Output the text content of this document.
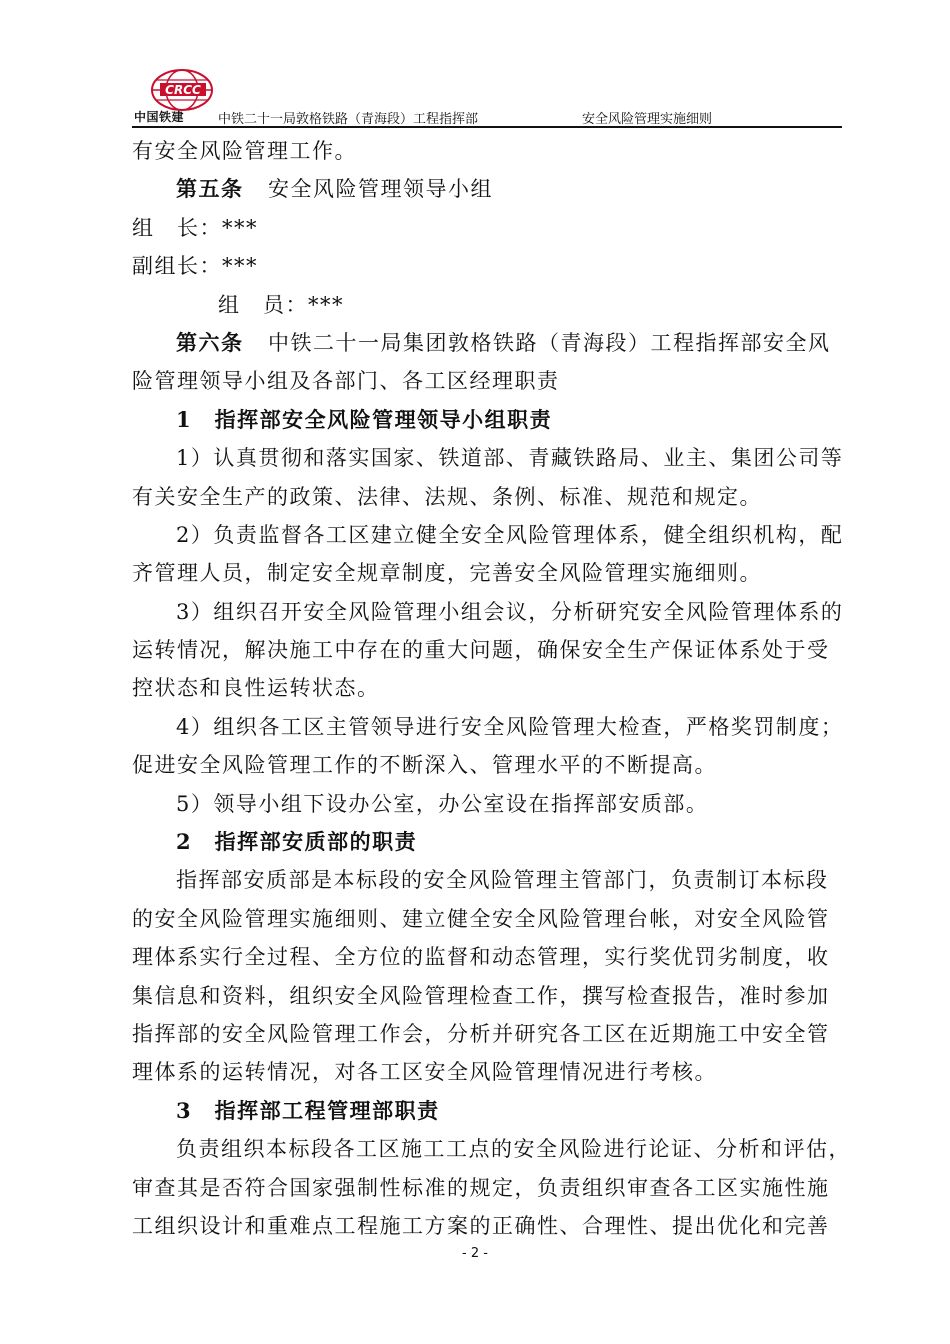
CRCC
中国铁建	中铁二十一局敦格铁路（青海段）工程指挥部	安全风险管理实施细则
有安全风险管理工作。
第五条 安全风险管理领导小组
组　长：***
副组长：***
组　员：***
第六条 中铁二十一局集团敦格铁路（青海段）工程指挥部安全风
险管理领导小组及各部门、各工区经理职责
1　指挥部安全风险管理领导小组职责
1）认真贯彻和落实国家、铁道部、青藏铁路局、业主、集团公司等
有关安全生产的政策、法律、法规、条例、标准、规范和规定。
2）负责监督各工区建立健全安全风险管理体系，健全组织机构，配
齐管理人员，制定安全规章制度，完善安全风险管理实施细则。
3）组织召开安全风险管理小组会议，分析研究安全风险管理体系的
运转情况，解决施工中存在的重大问题，确保安全生产保证体系处于受
控状态和良性运转状态。
4）组织各工区主管领导进行安全风险管理大检查，严格奖罚制度；
促进安全风险管理工作的不断深入、管理水平的不断提高。
5）领导小组下设办公室，办公室设在指挥部安质部。
2　指挥部安质部的职责
指挥部安质部是本标段的安全风险管理主管部门，负责制订本标段
的安全风险管理实施细则、建立健全安全风险管理台帐，对安全风险管
理体系实行全过程、全方位的监督和动态管理，实行奖优罚劣制度，收
集信息和资料，组织安全风险管理检查工作，撰写检查报告，准时参加
指挥部的安全风险管理工作会，分析并研究各工区在近期施工中安全管
理体系的运转情况，对各工区安全风险管理情况进行考核。
3　指挥部工程管理部职责
负责组织本标段各工区施工工点的安全风险进行论证、分析和评估，
审查其是否符合国家强制性标准的规定，负责组织审查各工区实施性施
工组织设计和重难点工程施工方案的正确性、合理性、提出优化和完善
- 2 -
